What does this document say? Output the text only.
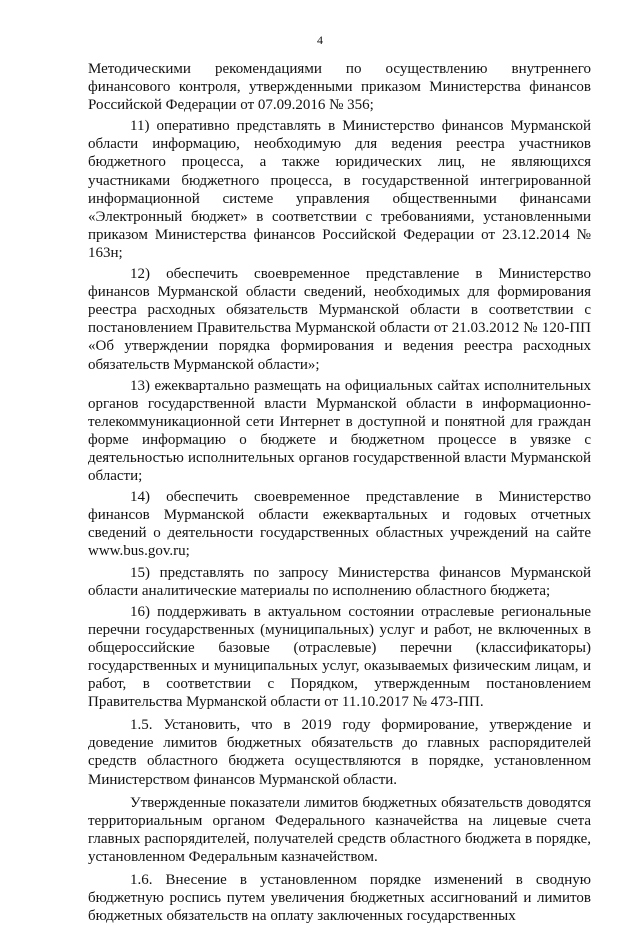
4

Методическими рекомендациями по осуществлению внутреннего финансового контроля, утвержденными приказом Министерства финансов Российской Федерации от 07.09.2016 № 356;

11) оперативно представлять в Министерство финансов Мурманской области информацию, необходимую для ведения реестра участников бюджетного процесса, а также юридических лиц, не являющихся участниками бюджетного процесса, в государственной интегрированной информационной системе управления общественными финансами «Электронный бюджет» в соответствии с требованиями, установленными приказом Министерства финансов Российской Федерации от 23.12.2014 № 163н;

12) обеспечить своевременное представление в Министерство финансов Мурманской области сведений, необходимых для формирования реестра расходных обязательств Мурманской области в соответствии с постановлением Правительства Мурманской области от 21.03.2012 № 120-ПП «Об утверждении порядка формирования и ведения реестра расходных обязательств Мурманской области»;

13) ежеквартально размещать на официальных сайтах исполнительных органов государственной власти Мурманской области в информационно-телекоммуникационной сети Интернет в доступной и понятной для граждан форме информацию о бюджете и бюджетном процессе в увязке с деятельностью исполнительных органов государственной власти Мурманской области;

14) обеспечить своевременное представление в Министерство финансов Мурманской области ежеквартальных и годовых отчетных сведений о деятельности государственных областных учреждений на сайте www.bus.gov.ru;

15) представлять по запросу Министерства финансов Мурманской области аналитические материалы по исполнению областного бюджета;

16) поддерживать в актуальном состоянии отраслевые региональные перечни государственных (муниципальных) услуг и работ, не включенных в общероссийские базовые (отраслевые) перечни (классификаторы) государственных и муниципальных услуг, оказываемых физическим лицам, и работ, в соответствии с Порядком, утвержденным постановлением Правительства Мурманской области от 11.10.2017 № 473-ПП.

1.5. Установить, что в 2019 году формирование, утверждение и доведение лимитов бюджетных обязательств до главных распорядителей средств областного бюджета осуществляются в порядке, установленном Министерством финансов Мурманской области.

Утвержденные показатели лимитов бюджетных обязательств доводятся территориальным органом Федерального казначейства на лицевые счета главных распорядителей, получателей средств областного бюджета в порядке, установленном Федеральным казначейством.

1.6. Внесение в установленном порядке изменений в сводную бюджетную роспись путем увеличения бюджетных ассигнований и лимитов бюджетных обязательств на оплату заключенных государственных
